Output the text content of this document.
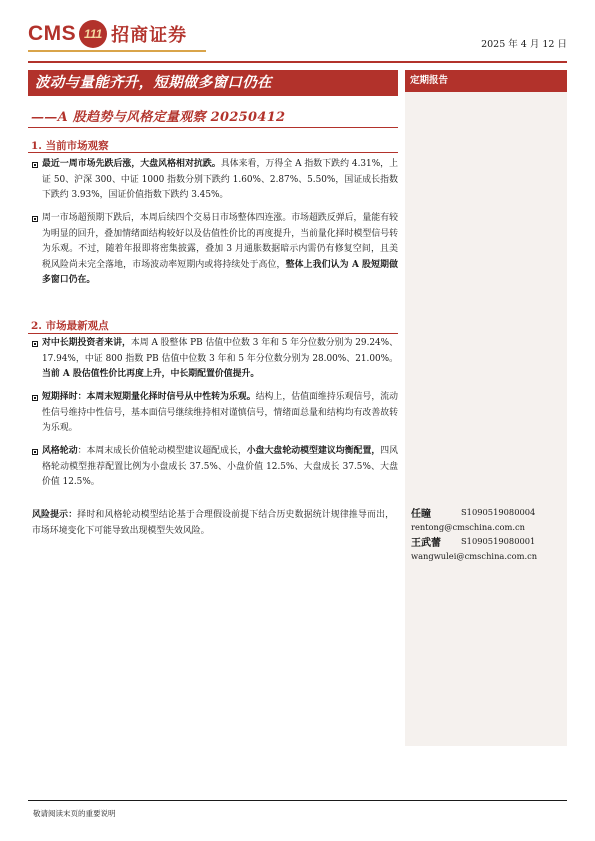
CMS 111 招商证券	2025 年 4 月 12 日
波动与量能齐升，短期做多窗口仍在
——A 股趋势与风格定量观察 20250412
1. 当前市场观察
最近一周市场先跌后涨，大盘风格相对抗跌。具体来看，万得全 A 指数下跌约 4.31%，上证 50、沪深 300、中证 1000 指数分别下跌约 1.60%、2.87%、5.50%，国证成长指数下跌约 3.93%，国证价值指数下跌约 3.45%。
周一市场超预期下跌后，本周后续四个交易日市场整体四连涨。市场超跌反弹后，量能有较为明显的回升，叠加情绪面结构较好以及估值性价比的再度提升，当前量化择时模型信号转为乐观。不过，随着年报即将密集披露，叠加 3 月通胀数据暗示内需仍有修复空间，且美税风险尚未完全落地，市场波动率短期内或将持续处于高位，整体上我们认为 A 股短期做多窗口仍在。
2. 市场最新观点
对中长期投资者来讲，本周 A 股整体 PB 估值中位数 3 年和 5 年分位数分别为 29.24%、17.94%，中证 800 指数 PB 估值中位数 3 年和 5 年分位数分别为 28.00%、21.00%。当前 A 股估值性价比再度上升，中长期配置价值提升。
短期择时：本周末短期量化择时信号从中性转为乐观。结构上，估值面维持乐观信号，流动性信号维持中性信号，基本面信号继续维持相对谨慎信号，情绪面总量和结构均有改善故转为乐观。
风格轮动：本周末成长价值轮动模型建议超配成长，小盘大盘轮动模型建议均衡配置，四风格轮动模型推荐配置比例为小盘成长 37.5%、小盘价值 12.5%、大盘成长 37.5%、大盘价值 12.5%。
风险提示：择时和风格轮动模型结论基于合理假设前提下结合历史数据统计规律推导而出，市场环境变化下可能导致出现模型失效风险。
定期报告
任瞳	S1090519080004
rentong@cmschina.com.cn
王武蕾	S1090519080001
wangwulei@cmschina.com.cn
敬请阅读末页的重要说明
